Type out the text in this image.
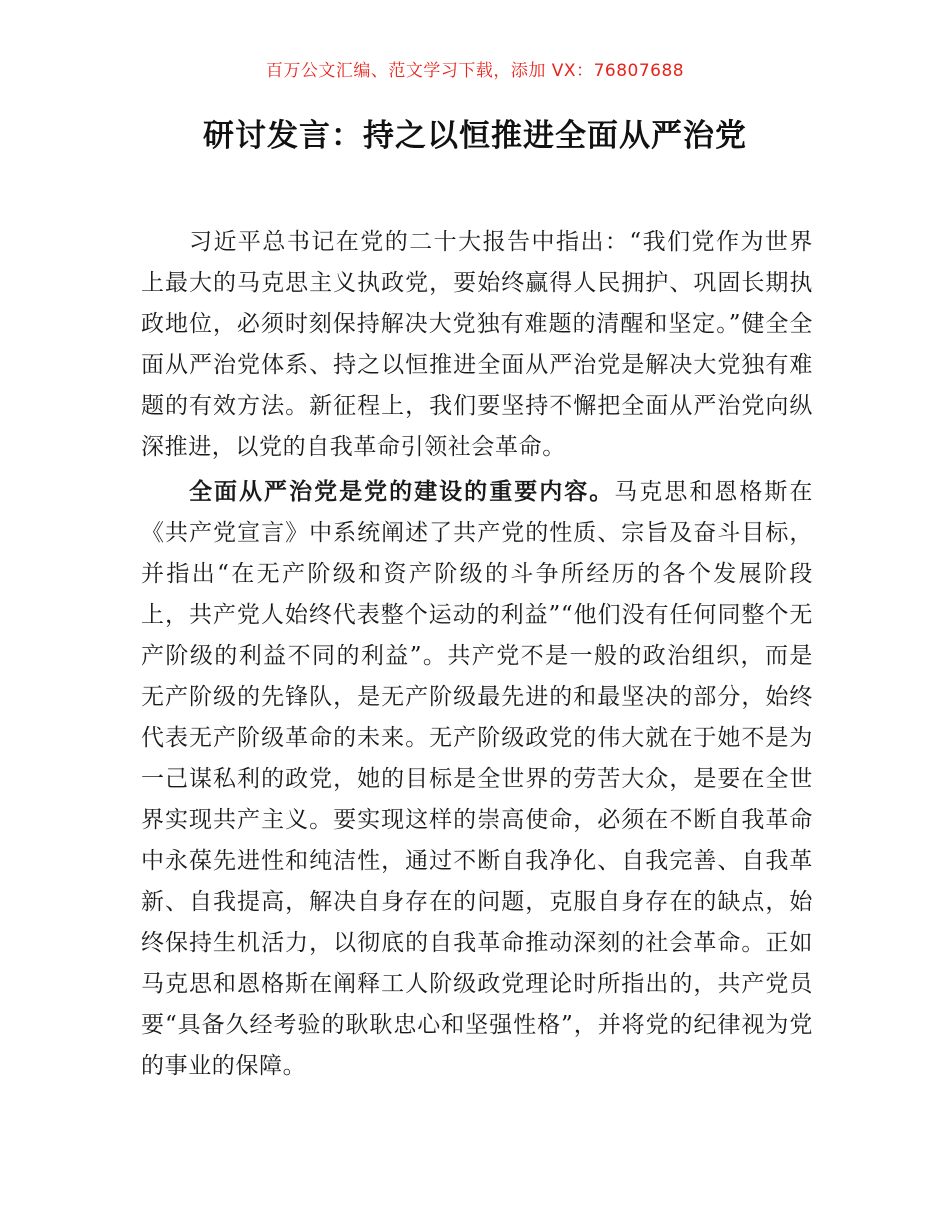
百万公文汇编、范文学习下载，添加 VX：76807688
研讨发言：持之以恒推进全面从严治党

习近平总书记在党的二十大报告中指出：“我们党作为世界上最大的马克思主义执政党，要始终赢得人民拥护、巩固长期执政地位，必须时刻保持解决大党独有难题的清醒和坚定。”健全全面从严治党体系、持之以恒推进全面从严治党是解决大党独有难题的有效方法。新征程上，我们要坚持不懈把全面从严治党向纵深推进，以党的自我革命引领社会革命。

全面从严治党是党的建设的重要内容。马克思和恩格斯在《共产党宣言》中系统阐述了共产党的性质、宗旨及奋斗目标，并指出“在无产阶级和资产阶级的斗争所经历的各个发展阶段上，共产党人始终代表整个运动的利益”“他们没有任何同整个无产阶级的利益不同的利益”。共产党不是一般的政治组织，而是无产阶级的先锋队，是无产阶级最先进的和最坚决的部分，始终代表无产阶级革命的未来。无产阶级政党的伟大就在于她不是为一己谋私利的政党，她的目标是全世界的劳苦大众，是要在全世界实现共产主义。要实现这样的崇高使命，必须在不断自我革命中永葆先进性和纯洁性，通过不断自我净化、自我完善、自我革新、自我提高，解决自身存在的问题，克服自身存在的缺点，始终保持生机活力，以彻底的自我革命推动深刻的社会革命。正如马克思和恩格斯在阐释工人阶级政党理论时所指出的，共产党员要“具备久经考验的耿耿忠心和坚强性格”，并将党的纪律视为党的事业的保障。
